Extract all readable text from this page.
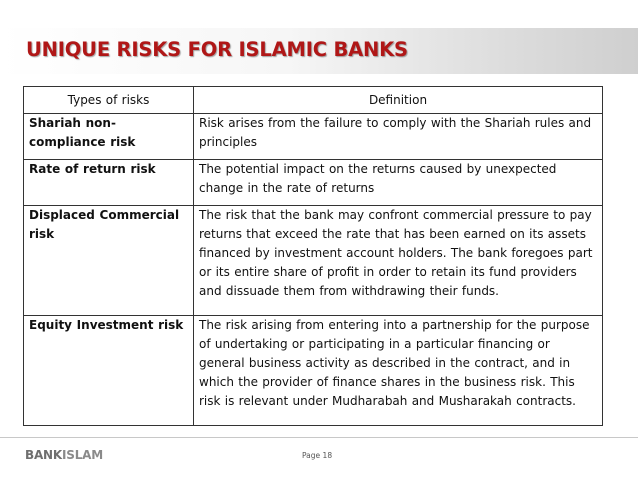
UNIQUE RISKS FOR ISLAMIC BANKS
Types of risks	Definition
Shariah non-compliance risk	Risk arises from the failure to comply with the Shariah rules and principles
Rate of return risk	The potential impact on the returns caused by unexpected change in the rate of returns
Displaced Commercial risk	The risk that the bank may confront commercial pressure to pay returns that exceed the rate that has been earned on its assets financed by investment account holders. The bank foregoes part or its entire share of profit in order to retain its fund providers and dissuade them from withdrawing their funds.
Equity Investment risk	The risk arising from entering into a partnership for the purpose of undertaking or participating in a particular financing or general business activity as described in the contract, and in which the provider of finance shares in the business risk. This risk is relevant under Mudharabah and Musharakah contracts.
BANKISLAM	Page 18
